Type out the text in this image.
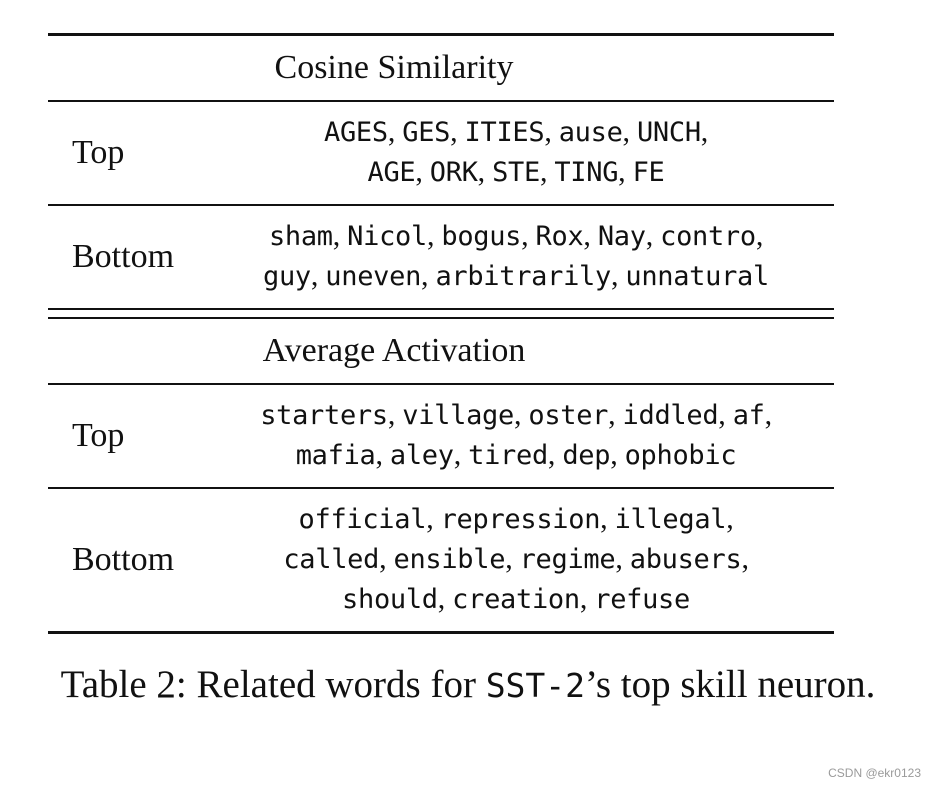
Cosine Similarity
Top
AGES, GES, ITIES, ause, UNCH,
AGE, ORK, STE, TING, FE
Bottom
sham, Nicol, bogus, Rox, Nay, contro,
guy, uneven, arbitrarily, unnatural
Average Activation
Top
starters, village, oster, iddled, af,
mafia, aley, tired, dep, ophobic
Bottom
official, repression, illegal,
called, ensible, regime, abusers,
should, creation, refuse
Table 2: Related words for SST-2’s top skill neuron.
CSDN @ekr0123
